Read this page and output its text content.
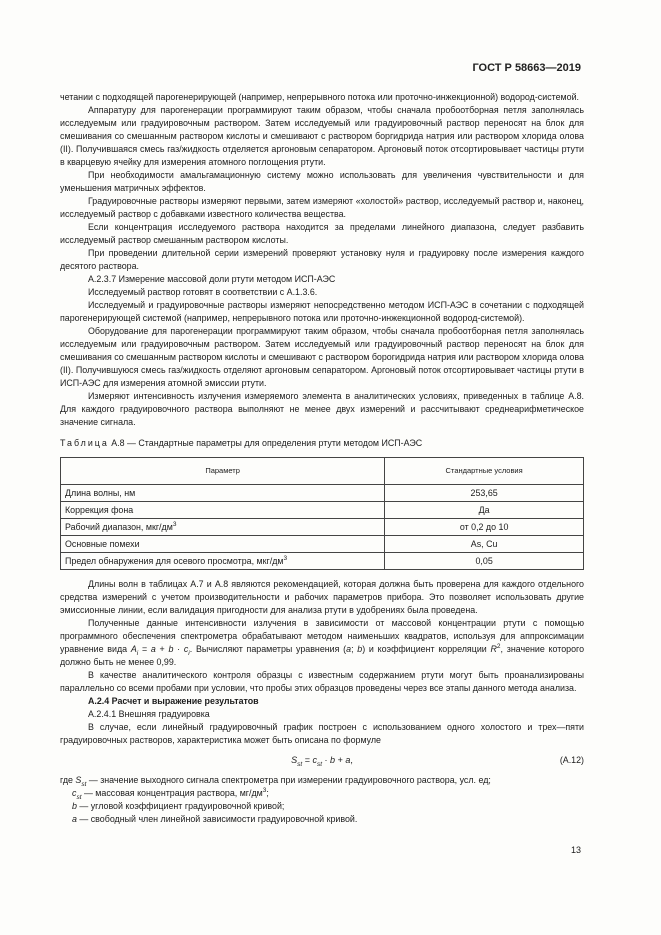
ГОСТ Р 58663—2019

четании с подходящей парогенерирующей (например, непрерывного потока или проточно-инжекционной) водород-системой.

Аппаратуру для парогенерации программируют таким образом, чтобы сначала пробоотборная петля заполнялась исследуемым или градуировочным раствором. Затем исследуемый или градуировочный раствор переносят на блок для смешивания со смешанным раствором кислоты и смешивают с раствором боргидрида натрия или раствором хлорида олова (II). Получившаяся смесь газ/жидкость отделяется аргоновым сепаратором. Аргоновый поток отсортировывает частицы ртути в кварцевую ячейку для измерения атомного поглощения ртути.

При необходимости амальгамационную систему можно использовать для увеличения чувствительности и для уменьшения матричных эффектов.

Градуировочные растворы измеряют первыми, затем измеряют «холостой» раствор, исследуемый раствор и, наконец, исследуемый раствор с добавками известного количества вещества.

Если концентрация исследуемого раствора находится за пределами линейного диапазона, следует разбавить исследуемый раствор смешанным раствором кислоты.

При проведении длительной серии измерений проверяют установку нуля и градуировку после измерения каждого десятого раствора.

А.2.3.7 Измерение массовой доли ртути методом ИСП-АЭС

Исследуемый раствор готовят в соответствии с А.1.3.6.

Исследуемый и градуировочные растворы измеряют непосредственно методом ИСП-АЭС в сочетании с подходящей парогенерирующей системой (например, непрерывного потока или проточно-инжекционной водород-системой).

Оборудование для парогенерации программируют таким образом, чтобы сначала пробоотборная петля заполнялась исследуемым или градуировочным раствором. Затем исследуемый или градуировочный раствор переносят на блок для смешивания со смешанным раствором кислоты и смешивают с раствором борогидрида натрия или раствором хлорида олова (II). Получившуюся смесь газ/жидкость отделяют аргоновым сепаратором. Аргоновый поток отсортировывает частицы ртути в ИСП-АЭС для измерения атомной эмиссии ртути.

Измеряют интенсивность излучения измеряемого элемента в аналитических условиях, приведенных в таблице А.8. Для каждого градуировочного раствора выполняют не менее двух измерений и рассчитывают среднеарифметическое значение сигнала.

Таблица А.8 — Стандартные параметры для определения ртути методом ИСП-АЭС

Параметр	Стандартные условия
Длина волны, нм	253,65
Коррекция фона	Да
Рабочий диапазон, мкг/$дм^3$	от 0,2 до 10
Основные помехи	As, Cu
Предел обнаружения для осевого просмотра, мкг/$дм^3$	0,05

Длины волн в таблицах А.7 и А.8 являются рекомендацией, которая должна быть проверена для каждого отдельного средства измерений с учетом производительности и рабочих параметров прибора. Это позволяет использовать другие эмиссионные линии, если валидация пригодности для анализа ртути в удобрениях была проведена.

Полученные данные интенсивности излучения в зависимости от массовой концентрации ртути с помощью программного обеспечения спектрометра обрабатывают методом наименьших квадратов, используя для аппроксимации уравнение вида $A_i = a + b \cdot c_i$. Вычисляют параметры уравнения (a; b) и коэффициент корреляции $R^2$, значение которого должно быть не менее 0,99.

В качестве аналитического контроля образцы с известным содержанием ртути могут быть проанализированы параллельно со всеми пробами при условии, что пробы этих образцов проведены через все этапы данного метода анализа.

А.2.4 Расчет и выражение результатов

А.2.4.1 Внешняя градуировка

В случае, если линейный градуировочный график построен с использованием одного холостого и трех—пяти градуировочных растворов, характеристика может быть описана по формуле

$S_{st} = c_{st} \cdot b + a$,	(А.12)

где $S_{st}$ — значение выходного сигнала спектрометра при измерении градуировочного раствора, усл. ед;

$c_{st}$ — массовая концентрация раствора, $мг/дм^3$;

b — угловой коэффициент градуировочной кривой;

a — свободный член линейной зависимости градуировочной кривой.

13
